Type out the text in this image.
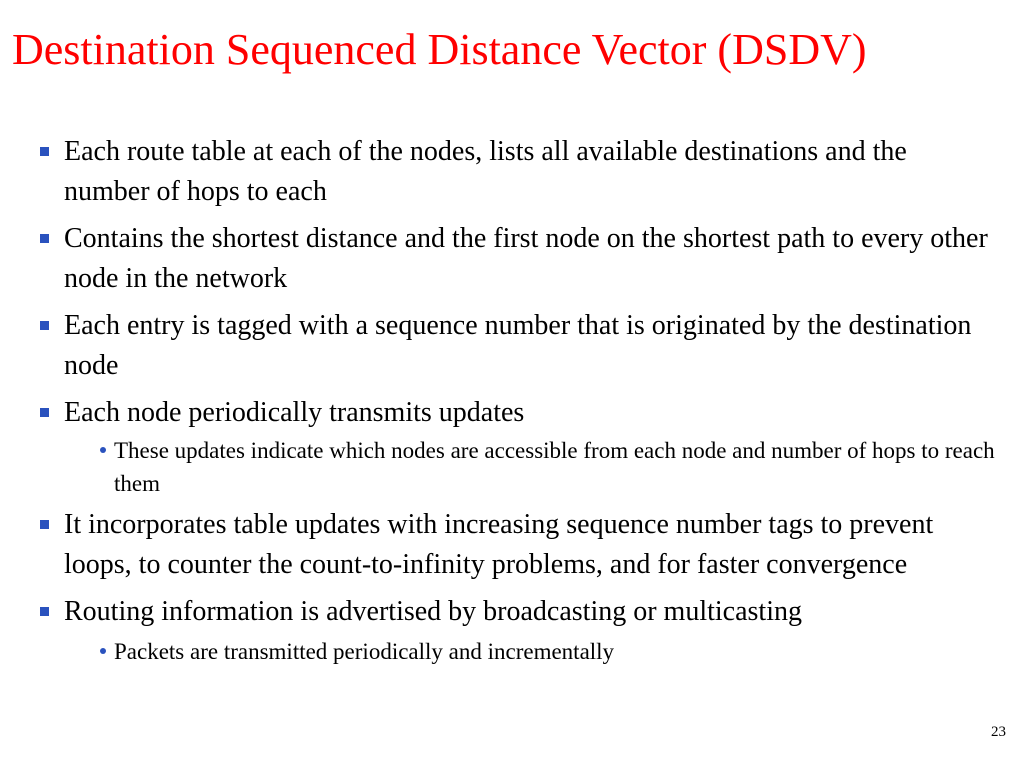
Destination Sequenced Distance Vector (DSDV)
Each route table at each of the nodes, lists all available destinations and the number of hops to each
Contains the shortest distance and the first node on the shortest path to every other node in the network
Each entry is tagged with a sequence number that is originated by the destination node
Each node periodically transmits updates
These updates indicate which nodes are accessible from each node and number of hops to reach them
It incorporates table updates with increasing sequence number tags to prevent loops, to counter the count-to-infinity problems, and for faster convergence
Routing information is advertised by broadcasting or multicasting
Packets are transmitted periodically and incrementally
23
